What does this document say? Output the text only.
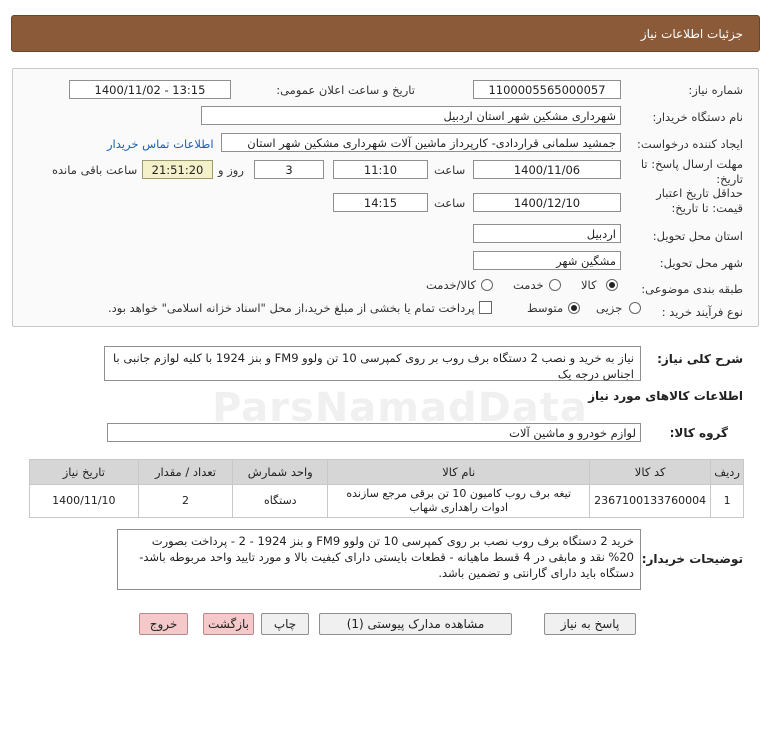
جزئیات اطلاعات نیاز
شماره نیاز:
1100005565000057
تاریخ و ساعت اعلان عمومی:
1400/11/02 - 13:15
نام دستگاه خریدار:
شهرداری مشکین شهر استان اردبیل
ایجاد کننده درخواست:
جمشید سلمانی قراردادی- کارپرداز ماشین آلات شهرداری مشکین شهر استان
اطلاعات تماس خریدار
مهلت ارسال پاسخ: تا
تاریخ:
1400/11/06
ساعت
11:10
3
روز و
21:51:20
ساعت باقی مانده
حداقل تاریخ اعتبار
قیمت: تا تاریخ:
1400/12/10
ساعت
14:15
استان محل تحویل:
اردبیل
شهر محل تحویل:
مشگین شهر
طبقه بندی موضوعی:
کالا
خدمت
کالا/خدمت
نوع فرآیند خرید :
جزیی
متوسط
پرداخت تمام یا بخشی از مبلغ خرید،از محل "اسناد خزانه اسلامی" خواهد بود.
شرح کلی نیاز:
نیاز به خرید و نصب 2 دستگاه برف روب بر روی کمپرسی 10 تن ولوو FM9 و بنز 1924 با کلیه لوازم جانبی با اجناس درجه یک
ParsNamadData اطلاعات کالاهای مورد نیاز
گروه کالا:
لوازم خودرو و ماشین آلات
ردیف	کد کالا	نام کالا	واحد شمارش	تعداد / مقدار	تاریخ نیاز
1	2367100133760004	تیغه برف روب کامیون 10 تن برقی مرجع سازنده ادوات راهداری شهاب	دستگاه	2	1400/11/10
توضیحات خریدار:
خرید 2 دستگاه برف روب نصب بر روی کمپرسی 10 تن ولوو FM9 و بنز 1924 - 2 - پرداخت بصورت 20% نقد و مابقی در 4 قسط ماهیانه - قطعات بایستی دارای کیفیت بالا و مورد تایید واحد مربوطه باشد- دستگاه باید دارای گارانتی و تضمین باشد.
پاسخ به نیاز
مشاهده مدارک پیوستی (1)
چاپ
بازگشت
خروج
